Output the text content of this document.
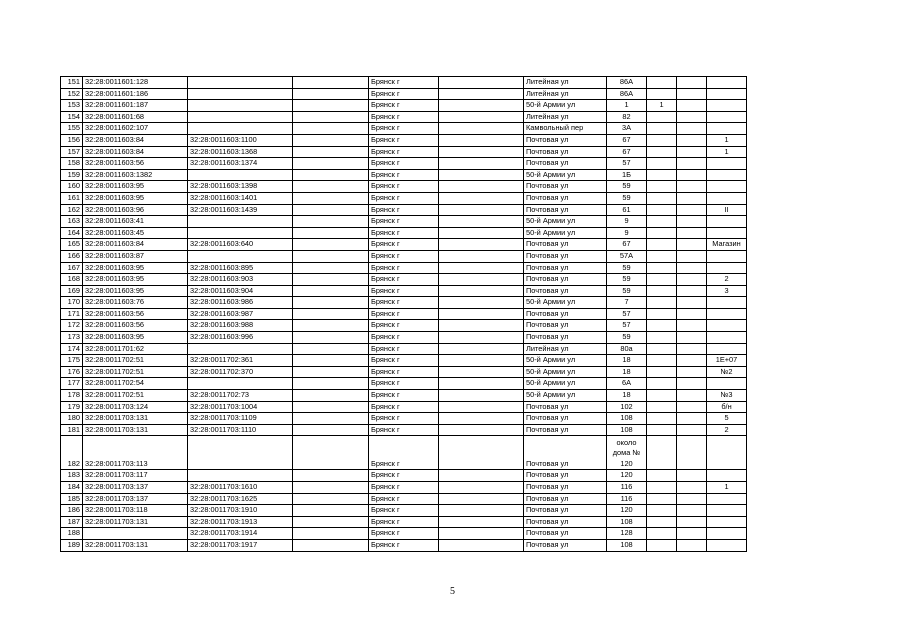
151	32:28:0011601:128			Брянск г		Литейная ул	86А			
152	32:28:0011601:186			Брянск г		Литейная ул	86А			
153	32:28:0011601:187			Брянск г		50-й Армии ул	1	1		
154	32:28:0011601:68			Брянск г		Литейная ул	82			
155	32:28:0011602:107			Брянск г		Камвольный пер	3А			
156	32:28:0011603:84	32:28:0011603:1100		Брянск г		Почтовая ул	67			1
157	32:28:0011603:84	32:28:0011603:1368		Брянск г		Почтовая ул	67			1
158	32:28:0011603:56	32:28:0011603:1374		Брянск г		Почтовая ул	57			
159	32:28:0011603:1382			Брянск г		50-й Армии ул	1Б			
160	32:28:0011603:95	32:28:0011603:1398		Брянск г		Почтовая ул	59			
161	32:28:0011603:95	32:28:0011603:1401		Брянск г		Почтовая ул	59			
162	32:28:0011603:96	32:28:0011603:1439		Брянск г		Почтовая ул	61			II
163	32:28:0011603:41			Брянск г		50-й Армии ул	9			
164	32:28:0011603:45			Брянск г		50-й Армии ул	9			
165	32:28:0011603:84	32:28:0011603:640		Брянск г		Почтовая ул	67			Магазин
166	32:28:0011603:87			Брянск г		Почтовая ул	57А			
167	32:28:0011603:95	32:28:0011603:895		Брянск г		Почтовая ул	59			
168	32:28:0011603:95	32:28:0011603:903		Брянск г		Почтовая ул	59			2
169	32:28:0011603:95	32:28:0011603:904		Брянск г		Почтовая ул	59			3
170	32:28:0011603:76	32:28:0011603:986		Брянск г		50-й Армии ул	7			
171	32:28:0011603:56	32:28:0011603:987		Брянск г		Почтовая ул	57			
172	32:28:0011603:56	32:28:0011603:988		Брянск г		Почтовая ул	57			
173	32:28:0011603:95	32:28:0011603:996		Брянск г		Почтовая ул	59			
174	32:28:0011701:62			Брянск г		Литейная ул	80а			
175	32:28:0011702:51	32:28:0011702:361		Брянск г		50-й Армии ул	18			1E+07
176	32:28:0011702:51	32:28:0011702:370		Брянск г		50-й Армии ул	18			№2
177	32:28:0011702:54			Брянск г		50-й Армии ул	6А			
178	32:28:0011702:51	32:28:0011702:73		Брянск г		50-й Армии ул	18			№3
179	32:28:0011703:124	32:28:0011703:1004		Брянск г		Почтовая ул	102			б/н
180	32:28:0011703:131	32:28:0011703:1109		Брянск г		Почтовая ул	108			5
181	32:28:0011703:131	32:28:0011703:1110		Брянск г		Почтовая ул	108			2
182	32:28:0011703:113			Брянск г		Почтовая ул	около
дома №
120			

183	32:28:0011703:117			Брянск г		Почтовая ул	120			
184	32:28:0011703:137	32:28:0011703:1610		Брянск г		Почтовая ул	116			1
185	32:28:0011703:137	32:28:0011703:1625		Брянск г		Почтовая ул	116			
186	32:28:0011703:118	32:28:0011703:1910		Брянск г		Почтовая ул	120			
187	32:28:0011703:131	32:28:0011703:1913		Брянск г		Почтовая ул	108			
188		32:28:0011703:1914		Брянск г		Почтовая ул	128			
189	32:28:0011703:131	32:28:0011703:1917		Брянск г		Почтовая ул	108			
5
